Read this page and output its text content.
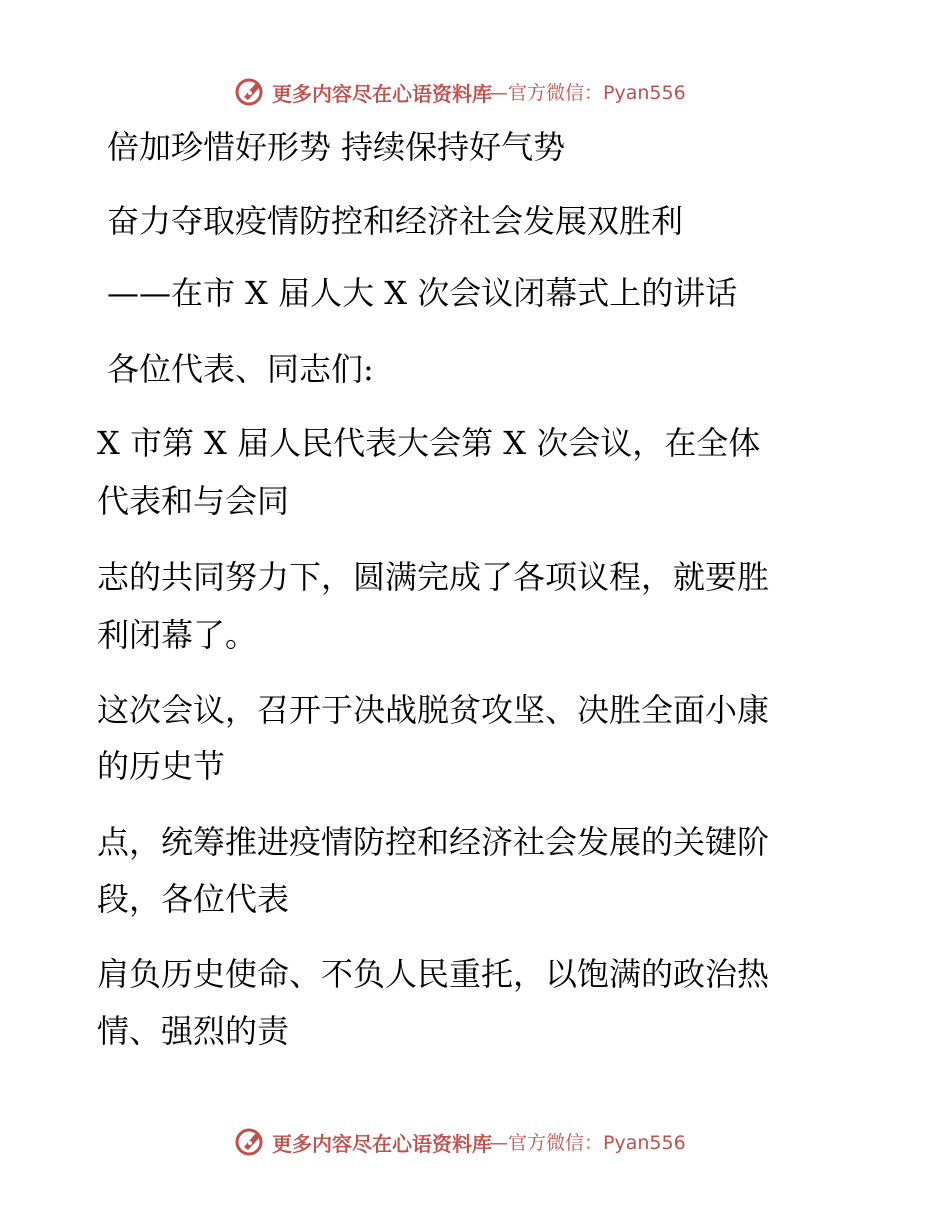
更多内容尽在心语资料库
—官方微信：Pyan556
倍加珍惜好形势 持续保持好气势
奋力夺取疫情防控和经济社会发展双胜利
——在市 X 届人大 X 次会议闭幕式上的讲话
各位代表、同志们:
X 市第 X 届人民代表大会第 X 次会议，在全体
代表和与会同
志的共同努力下，圆满完成了各项议程，就要胜
利闭幕了。
这次会议，召开于决战脱贫攻坚、决胜全面小康
的历史节
点，统筹推进疫情防控和经济社会发展的关键阶
段，各位代表
肩负历史使命、不负人民重托，以饱满的政治热
情、强烈的责
更多内容尽在心语资料库
—官方微信：Pyan556
